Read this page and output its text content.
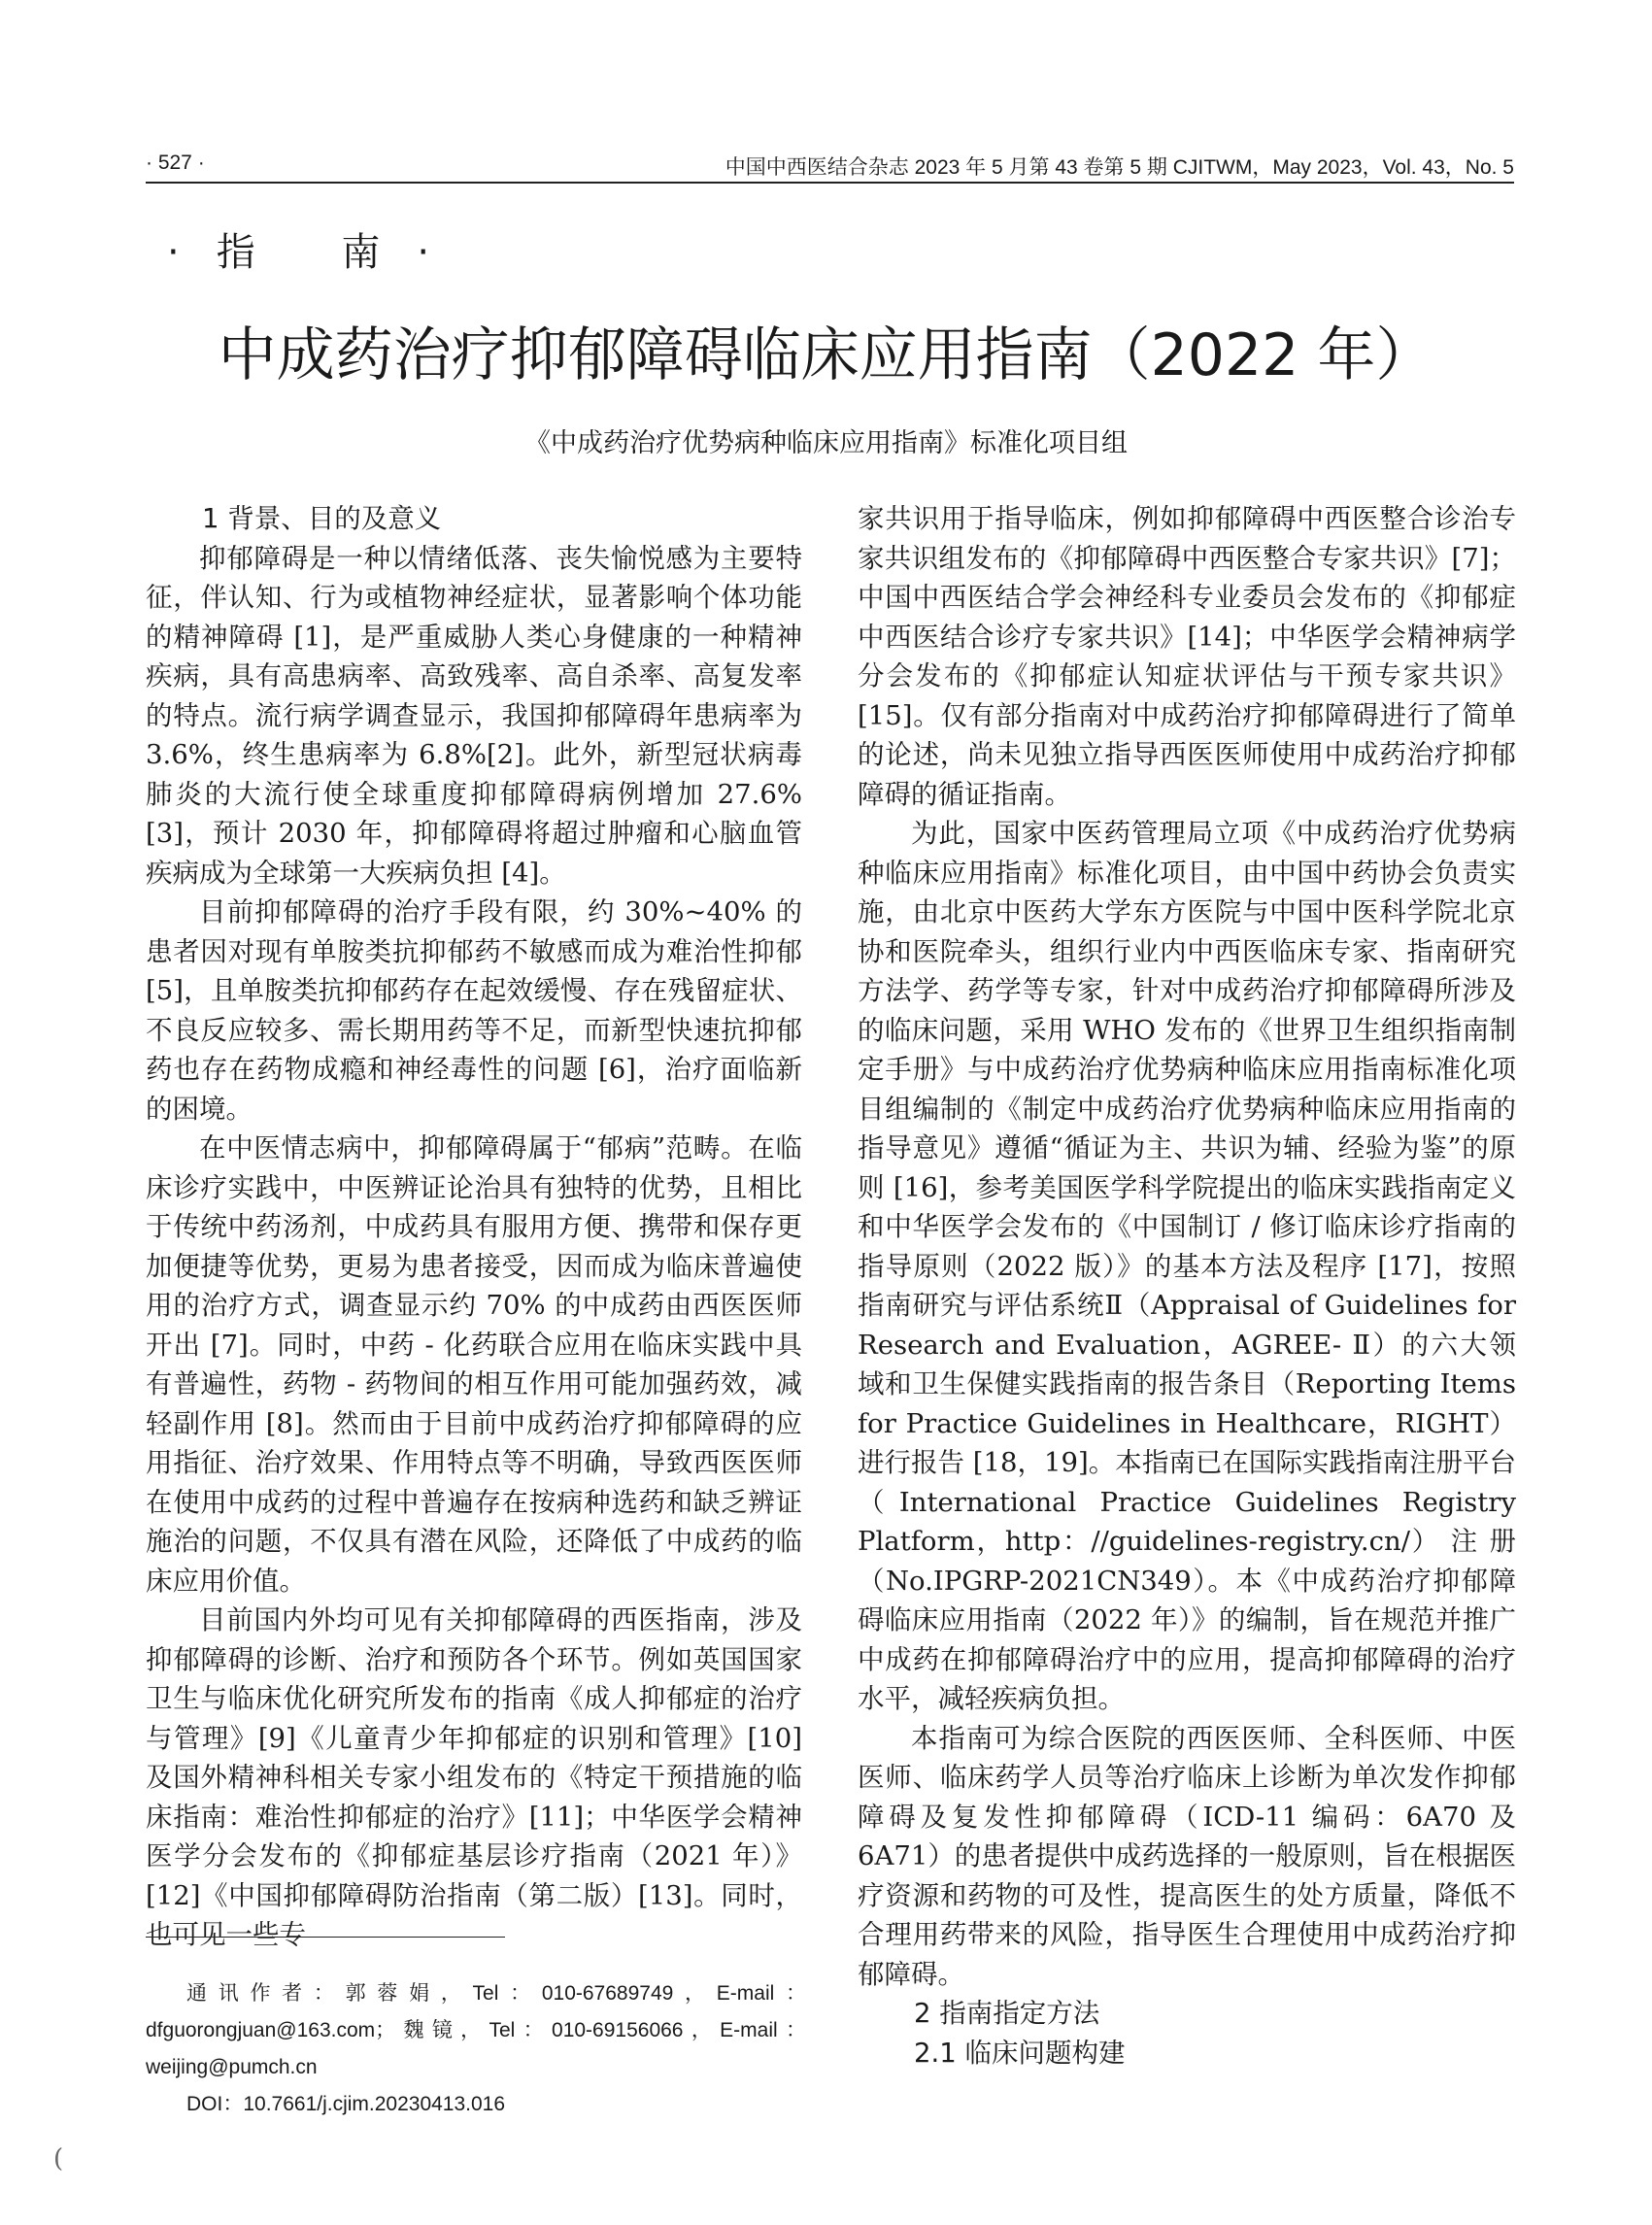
· 527 ·	中国中西医结合杂志 2023 年 5 月第 43 卷第 5 期 CJITWM，May 2023，Vol. 43，No. 5
·指 南·
中成药治疗抑郁障碍临床应用指南（2022 年）
《中成药治疗优势病种临床应用指南》标准化项目组
1 背景、目的及意义

抑郁障碍是一种以情绪低落、丧失愉悦感为主要特征，伴认知、行为或植物神经症状，显著影响个体功能的精神障碍 [1]，是严重威胁人类心身健康的一种精神疾病，具有高患病率、高致残率、高自杀率、高复发率的特点。流行病学调查显示，我国抑郁障碍年患病率为 3.6%，终生患病率为 6.8%[2]。此外，新型冠状病毒肺炎的大流行使全球重度抑郁障碍病例增加 27.6%[3]，预计 2030 年，抑郁障碍将超过肿瘤和心脑血管疾病成为全球第一大疾病负担 [4]。

目前抑郁障碍的治疗手段有限，约 30%~40% 的患者因对现有单胺类抗抑郁药不敏感而成为难治性抑郁 [5]，且单胺类抗抑郁药存在起效缓慢、存在残留症状、不良反应较多、需长期用药等不足，而新型快速抗抑郁药也存在药物成瘾和神经毒性的问题 [6]，治疗面临新的困境。

在中医情志病中，抑郁障碍属于“郁病”范畴。在临床诊疗实践中，中医辨证论治具有独特的优势，且相比于传统中药汤剂，中成药具有服用方便、携带和保存更加便捷等优势，更易为患者接受，因而成为临床普遍使用的治疗方式，调查显示约 70% 的中成药由西医医师开出 [7]。同时，中药 - 化药联合应用在临床实践中具有普遍性，药物 - 药物间的相互作用可能加强药效，减轻副作用 [8]。然而由于目前中成药治疗抑郁障碍的应用指征、治疗效果、作用特点等不明确，导致西医医师在使用中成药的过程中普遍存在按病种选药和缺乏辨证施治的问题，不仅具有潜在风险，还降低了中成药的临床应用价值。

目前国内外均可见有关抑郁障碍的西医指南，涉及抑郁障碍的诊断、治疗和预防各个环节。例如英国国家卫生与临床优化研究所发布的指南《成人抑郁症的治疗与管理》[9]《儿童青少年抑郁症的识别和管理》[10] 及国外精神科相关专家小组发布的《特定干预措施的临床指南：难治性抑郁症的治疗》[11]；中华医学会精神医学分会发布的《抑郁症基层诊疗指南（2021 年）》[12]《中国抑郁障碍防治指南（第二版）[13]。同时，也可见一些专

家共识用于指导临床，例如抑郁障碍中西医整合诊治专家共识组发布的《抑郁障碍中西医整合专家共识》[7]；中国中西医结合学会神经科专业委员会发布的《抑郁症中西医结合诊疗专家共识》[14]；中华医学会精神病学分会发布的《抑郁症认知症状评估与干预专家共识》[15]。仅有部分指南对中成药治疗抑郁障碍进行了简单的论述，尚未见独立指导西医医师使用中成药治疗抑郁障碍的循证指南。

为此，国家中医药管理局立项《中成药治疗优势病种临床应用指南》标准化项目，由中国中药协会负责实施，由北京中医药大学东方医院与中国中医科学院北京协和医院牵头，组织行业内中西医临床专家、指南研究方法学、药学等专家，针对中成药治疗抑郁障碍所涉及的临床问题，采用 WHO 发布的《世界卫生组织指南制定手册》与中成药治疗优势病种临床应用指南标准化项目组编制的《制定中成药治疗优势病种临床应用指南的指导意见》遵循“循证为主、共识为辅、经验为鉴”的原则 [16]，参考美国医学科学院提出的临床实践指南定义和中华医学会发布的《中国制订 / 修订临床诊疗指南的指导原则（2022 版）》的基本方法及程序 [17]，按照指南研究与评估系统Ⅱ（Appraisal of Guidelines for Research and Evaluation，AGREE- Ⅱ）的六大领域和卫生保健实践指南的报告条目（Reporting Items for Practice Guidelines in Healthcare，RIGHT）进行报告 [18，19]。本指南已在国际实践指南注册平台（International Practice Guidelines Registry Platform，http：//guidelines-registry.cn/） 注 册（No.IPGRP-2021CN349）。本《中成药治疗抑郁障碍临床应用指南（2022 年）》的编制，旨在规范并推广中成药在抑郁障碍治疗中的应用，提高抑郁障碍的治疗水平，减轻疾病负担。

本指南可为综合医院的西医医师、全科医师、中医医师、临床药学人员等治疗临床上诊断为单次发作抑郁障碍及复发性抑郁障碍（ICD-11 编码：6A70 及 6A71）的患者提供中成药选择的一般原则，旨在根据医疗资源和药物的可及性，提高医生的处方质量，降低不合理用药带来的风险，指导医生合理使用中成药治疗抑郁障碍。

2 指南指定方法
2.1 临床问题构建
通讯作者：郭蓉娟，Tel：010-67689749，E-mail：dfguorongjuan@163.com；魏镜，Tel：010-69156066，E-mail：weijing@pumch.cn
DOI：10.7661/j.cjim.20230413.016
(
